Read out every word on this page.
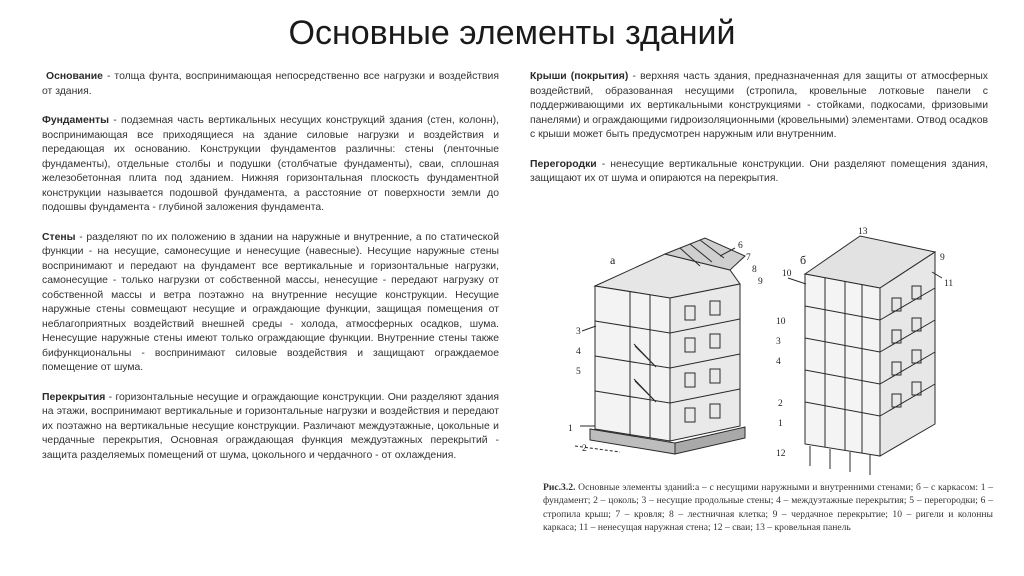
Основные элементы зданий

Основание - толща фунта, воспринимающая непосредственно все нагрузки и воздействия от здания.

Фундаменты - подземная часть вертикальных несущих конструкций здания (стен, колонн), воспринимающая все приходящиеся на здание силовые нагрузки и воздействия и передающая их основанию. Конструкции фундаментов различны: стены (ленточные фундаменты), отдельные столбы и подушки (столбчатые фундаменты), сваи, сплошная железобетонная плита под зданием. Нижняя горизонтальная плоскость фундаментной конструкции называется подошвой фундамента, а расстояние от поверхности земли до подошвы фундамента - глубиной заложения фундамента.

Стены - разделяют по их положению в здании на наружные и внутренние, а по статической функции - на несущие, самонесущие и ненесущие (навесные). Несущие наружные стены воспринимают и передают на фундамент все вертикальные и горизонтальные нагрузки, самонесущие - только нагрузки от собственной массы, ненесущие - передают нагрузку от собственной массы и ветра поэтажно на внутренние несущие конструкции. Несущие наружные стены совмещают несущие и ограждающие функции, защищая помещения от неблагоприятных воздействий внешней среды - холода, атмосферных осадков, шума. Ненесущие наружные стены имеют только ограждающие функции. Внутренние стены также бифункциональны - воспринимают силовые воздействия и защищают ограждаемое помещение от шума.

Перекрытия - горизонтальные несущие и ограждающие конструкции. Они разделяют здания на этажи, воспринимают вертикальные и горизонтальные нагрузки и воздействия и передают их поэтажно на вертикальные несущие конструкции. Различают междуэтажные, цокольные и чердачные перекрытия, Основная ограждающая функция междуэтажных перекрытий - защита разделяемых помещений от шума, цокольного и чердачного - от охлаждения.

Крыши (покрытия) - верхняя часть здания, предназначенная для защиты от атмосферных воздействий, образованная несущими (стропила, кровельные лотковые панели с поддерживающими их вертикальными конструкциями - стойками, подкосами, фризовыми панелями) и ограждающими гидроизоляционными (кровельными) элементами. Отвод осадков с крыши может быть предусмотрен наружным или внутренним.

Перегородки - ненесущие вертикальные конструкции. Они разделяют помещения здания, защищают их от шума и опираются на перекрытия.

а	б
1
2
3
4
5
6
7
8
9
1
2
3
4
9
10
10
11
12
13
Рис.3.2. Основные элементы зданий:а – с несущими наружными и внутренними стенами; б – с каркасом: 1 – фундамент; 2 – цоколь; 3 – несущие продольные стены; 4 – междуэтажные перекрытия; 5 – перегородки; 6 – стропила крыш; 7 – кровля; 8 – лестничная клетка; 9 – чердачное перекрытие; 10 – ригели и колонны каркаса; 11 – ненесущая наружная стена; 12 – сваи; 13 – кровельная панель
